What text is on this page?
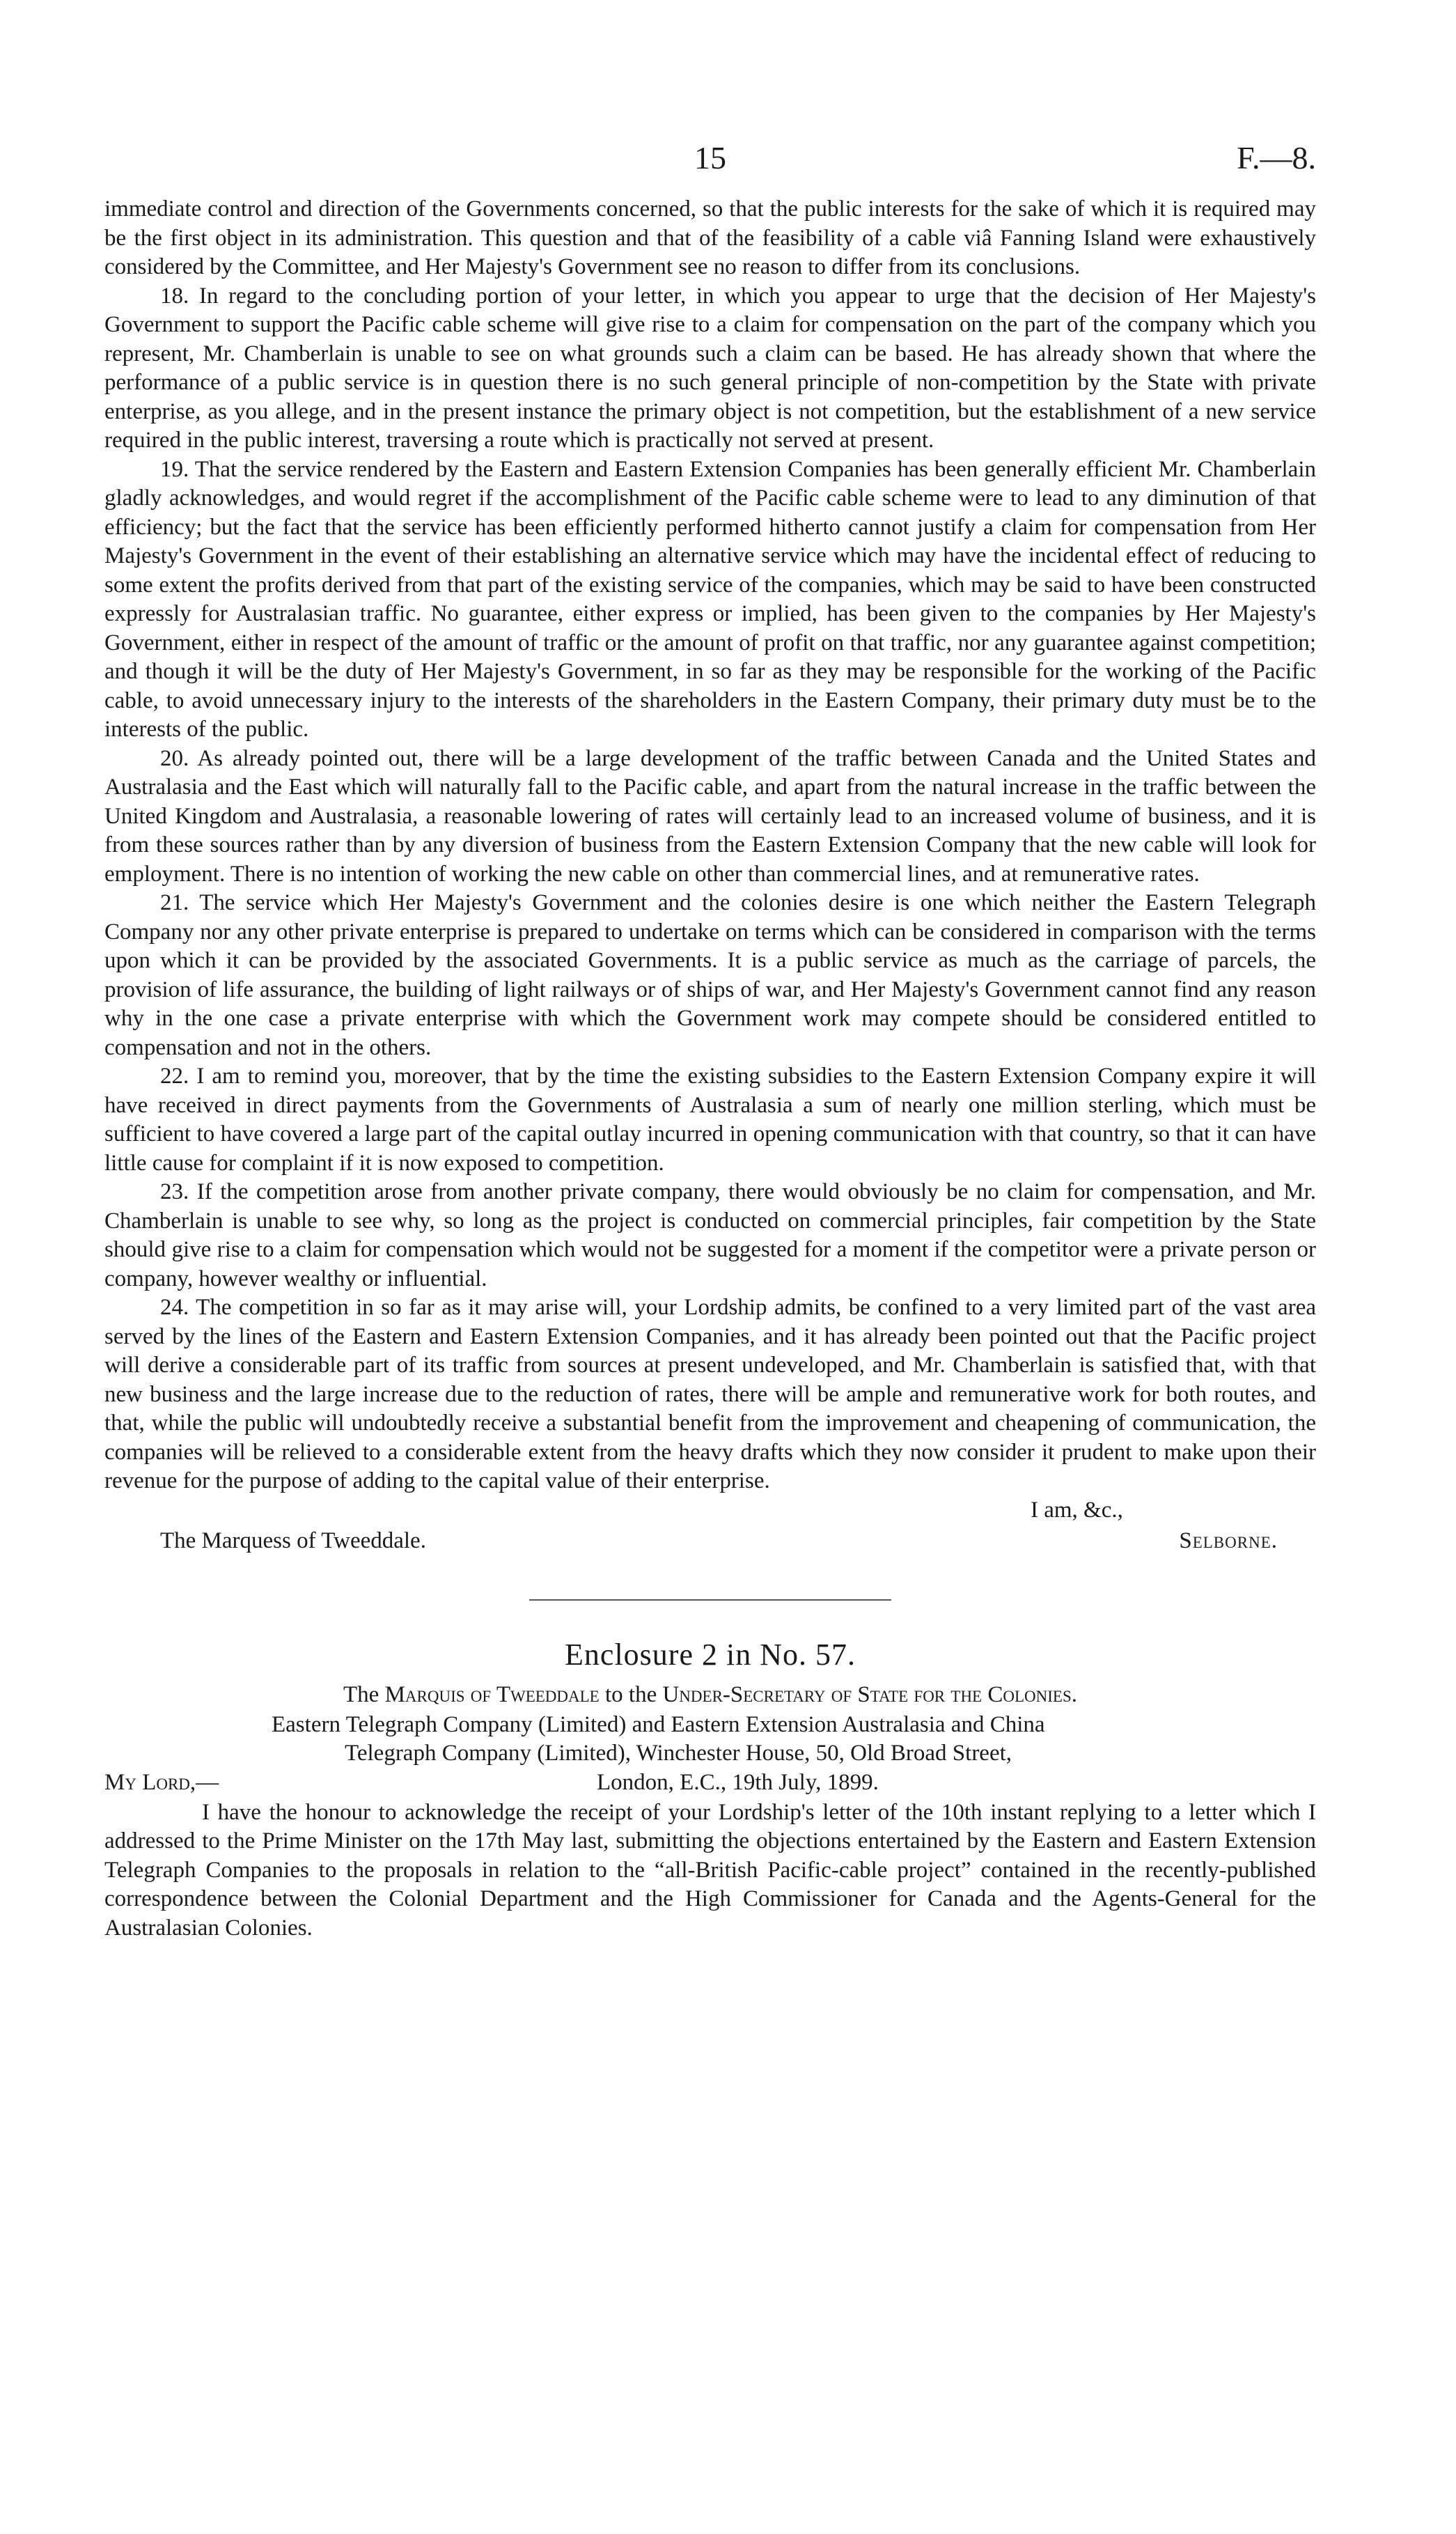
15	F.—8.

immediate control and direction of the Governments concerned, so that the public interests for the sake of which it is required may be the first object in its administration. This question and that of the feasibility of a cable viâ Fanning Island were exhaustively considered by the Committee, and Her Majesty's Government see no reason to differ from its conclusions.

18. In regard to the concluding portion of your letter, in which you appear to urge that the decision of Her Majesty's Government to support the Pacific cable scheme will give rise to a claim for compensation on the part of the company which you represent, Mr. Chamberlain is unable to see on what grounds such a claim can be based. He has already shown that where the performance of a public service is in question there is no such general principle of non-competition by the State with private enterprise, as you allege, and in the present instance the primary object is not competition, but the establishment of a new service required in the public interest, traversing a route which is practically not served at present.

19. That the service rendered by the Eastern and Eastern Extension Companies has been generally efficient Mr. Chamberlain gladly acknowledges, and would regret if the accomplishment of the Pacific cable scheme were to lead to any diminution of that efficiency; but the fact that the service has been efficiently performed hitherto cannot justify a claim for compensation from Her Majesty's Government in the event of their establishing an alternative service which may have the incidental effect of reducing to some extent the profits derived from that part of the existing service of the companies, which may be said to have been constructed expressly for Australasian traffic. No guarantee, either express or implied, has been given to the companies by Her Majesty's Government, either in respect of the amount of traffic or the amount of profit on that traffic, nor any guarantee against competition; and though it will be the duty of Her Majesty's Government, in so far as they may be responsible for the working of the Pacific cable, to avoid unnecessary injury to the interests of the shareholders in the Eastern Company, their primary duty must be to the interests of the public.

20. As already pointed out, there will be a large development of the traffic between Canada and the United States and Australasia and the East which will naturally fall to the Pacific cable, and apart from the natural increase in the traffic between the United Kingdom and Australasia, a reasonable lowering of rates will certainly lead to an increased volume of business, and it is from these sources rather than by any diversion of business from the Eastern Extension Company that the new cable will look for employment. There is no intention of working the new cable on other than commercial lines, and at remunerative rates.

21. The service which Her Majesty's Government and the colonies desire is one which neither the Eastern Telegraph Company nor any other private enterprise is prepared to undertake on terms which can be considered in comparison with the terms upon which it can be provided by the associated Governments. It is a public service as much as the carriage of parcels, the provision of life assurance, the building of light railways or of ships of war, and Her Majesty's Government cannot find any reason why in the one case a private enterprise with which the Government work may compete should be considered entitled to compensation and not in the others.

22. I am to remind you, moreover, that by the time the existing subsidies to the Eastern Extension Company expire it will have received in direct payments from the Governments of Australasia a sum of nearly one million sterling, which must be sufficient to have covered a large part of the capital outlay incurred in opening communication with that country, so that it can have little cause for complaint if it is now exposed to competition.

23. If the competition arose from another private company, there would obviously be no claim for compensation, and Mr. Chamberlain is unable to see why, so long as the project is conducted on commercial principles, fair competition by the State should give rise to a claim for compensation which would not be suggested for a moment if the competitor were a private person or company, however wealthy or influential.

24. The competition in so far as it may arise will, your Lordship admits, be confined to a very limited part of the vast area served by the lines of the Eastern and Eastern Extension Companies, and it has already been pointed out that the Pacific project will derive a considerable part of its traffic from sources at present undeveloped, and Mr. Chamberlain is satisfied that, with that new business and the large increase due to the reduction of rates, there will be ample and remunerative work for both routes, and that, while the public will undoubtedly receive a substantial benefit from the improvement and cheapening of communication, the companies will be relieved to a considerable extent from the heavy drafts which they now consider it prudent to make upon their revenue for the purpose of adding to the capital value of their enterprise.

I am, &c.,
The Marquess of Tweeddale.	Selborne.
Enclosure 2 in No. 57.
The Marquis of Tweeddale to the Under-Secretary of State for the Colonies.
Eastern Telegraph Company (Limited) and Eastern Extension Australasia and China
Telegraph Company (Limited), Winchester House, 50, Old Broad Street,
My Lord,—	London, E.C., 19th July, 1899.

I have the honour to acknowledge the receipt of your Lordship's letter of the 10th instant replying to a letter which I addressed to the Prime Minister on the 17th May last, submitting the objections entertained by the Eastern and Eastern Extension Telegraph Companies to the proposals in relation to the “all-British Pacific-cable project” contained in the recently-published correspondence between the Colonial Department and the High Commissioner for Canada and the Agents-General for the Australasian Colonies.
